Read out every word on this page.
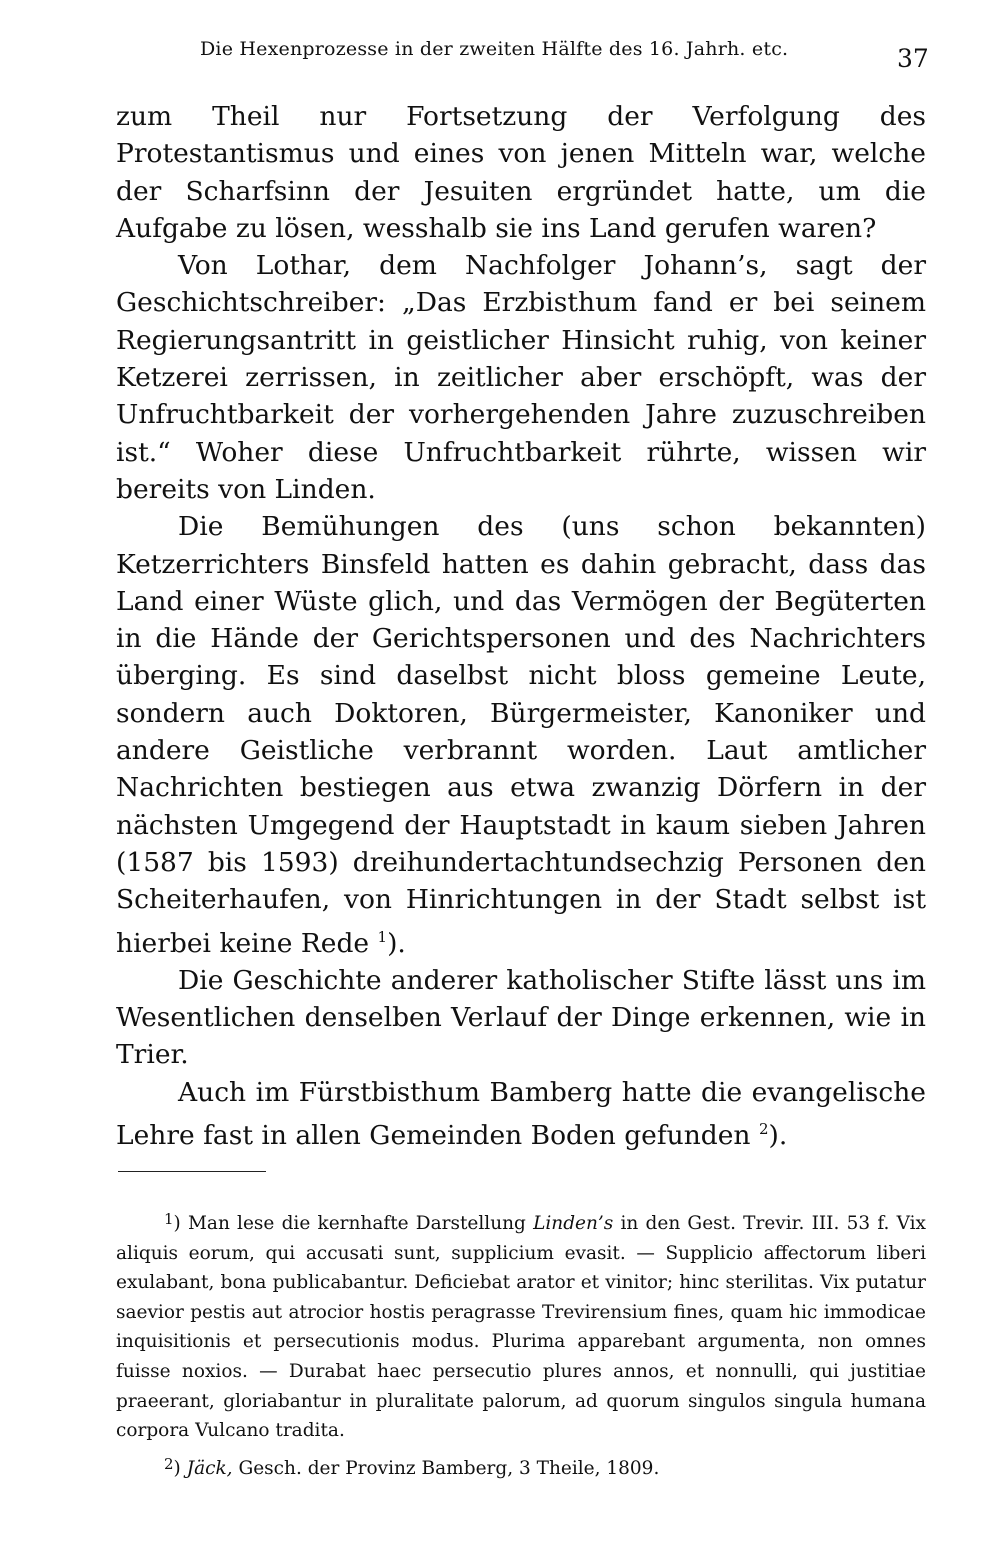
Die Hexenprozesse in der zweiten Hälfte des 16. Jahrh. etc.	37

zum Theil nur Fortsetzung der Verfolgung des Protestantismus und eines von jenen Mitteln war, welche der Scharfsinn der Jesuiten ergründet hatte, um die Aufgabe zu lösen, wesshalb sie ins Land gerufen waren?

Von Lothar, dem Nachfolger Johann’s, sagt der Geschichtschreiber: „Das Erzbisthum fand er bei seinem Regierungsantritt in geistlicher Hinsicht ruhig, von keiner Ketzerei zerrissen, in zeitlicher aber erschöpft, was der Unfruchtbarkeit der vorhergehenden Jahre zuzuschreiben ist.“ Woher diese Unfruchtbarkeit rührte, wissen wir bereits von Linden.

Die Bemühungen des (uns schon bekannten) Ketzerrichters Binsfeld hatten es dahin gebracht, dass das Land einer Wüste glich, und das Vermögen der Begüterten in die Hände der Gerichtspersonen und des Nachrichters überging. Es sind daselbst nicht bloss gemeine Leute, sondern auch Doktoren, Bürgermeister, Kanoniker und andere Geistliche verbrannt worden. Laut amtlicher Nachrichten bestiegen aus etwa zwanzig Dörfern in der nächsten Umgegend der Hauptstadt in kaum sieben Jahren (1587 bis 1593) dreihundertachtundsechzig Personen den Scheiterhaufen, von Hinrichtungen in der Stadt selbst ist hierbei keine Rede $^1$).

Die Geschichte anderer katholischer Stifte lässt uns im Wesentlichen denselben Verlauf der Dinge erkennen, wie in Trier.

Auch im Fürstbisthum Bamberg hatte die evangelische Lehre fast in allen Gemeinden Boden gefunden $^2$).

$^1$) Man lese die kernhafte Darstellung Linden’s in den Gest. Trevir. III. 53 f. Vix aliquis eorum, qui accusati sunt, supplicium evasit. — Supplicio affectorum liberi exulabant, bona publicabantur. Deficiebat arator et vinitor; hinc sterilitas. Vix putatur saevior pestis aut atrocior hostis peragrasse Trevirensium fines, quam hic immodicae inquisitionis et persecutionis modus. Plurima apparebant argumenta, non omnes fuisse noxios. — Durabat haec persecutio plures annos, et nonnulli, qui justitiae praeerant, gloriabantur in pluralitate palorum, ad quorum singulos singula humana corpora Vulcano tradita.

$^2$) Jäck, Gesch. der Provinz Bamberg, 3 Theile, 1809.
